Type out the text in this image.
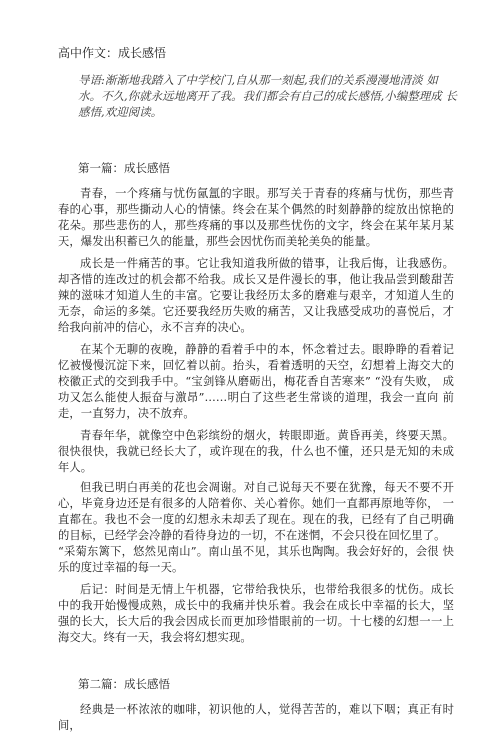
高中作文：成长感悟
导语:渐渐地我踏入了中学校门,自从那一刻起,我们的关系漫漫地清淡 如水。不久,你就永远地离开了我。我们都会有自己的成长感悟,小编整理成 长感悟,欢迎阅读。
第一篇：成长感悟
青春，一个疼痛与忧伤氤氲的字眼。那写关于青春的疼痛与忧伤，那些青 春的心事，那些撕动人心的情愫。终会在某个偶然的时刻静静的绽放出惊艳的 花朵。那些悲伤的人，那些疼痛的事以及那些忧伤的文字，终会在某年某月某 天，爆发出积蓄已久的能量，那些会因忧伤而美轮美奂的能量。
成长是一件痛苦的事。它让我知道我所做的错事，让我后悔，让我感伤。 却吝惜的连改过的机会都不给我。成长又是件漫长的事，他让我品尝到酸甜苦 辣的滋味才知道人生的丰富。它要让我经历太多的磨难与艰辛，才知道人生的 无奈，命运的多桀。它还要我经历失败的痛苦，又让我感受成功的喜悦后，才 给我向前冲的信心，永不言弃的决心。
在某个无聊的夜晚，静静的看着手中的本，怀念着过去。眼睁睁的看着记 忆被慢慢沉淀下来，回忆着以前。抬头，看着透明的天空，幻想着上海交大的 校徽正式的交到我手中。“宝剑锋从磨砺出，梅花香自苦寒来” “没有失败， 成功又怎么能使人振奋与激昂”……明白了这些老生常谈的道理，我会一直向 前走，一直努力，决不放弃。
青春年华，就像空中色彩缤纷的烟火，转眼即逝。黄昏再美，终要天黑。 很快很快，我就已经长大了，或许现在的我，什么也不懂，还只是无知的未成 年人。
但我已明白再美的花也会凋谢。对自己说每天不要在犹豫，每天不要不开 心，毕竟身边还是有很多的人陪着你、关心着你。她们一直都再原地等你， 一直都在。我也不会一度的幻想永未却丢了现在。现在的我，已经有了自己明确 的目标，已经学会冷静的看待身边的一切，不在迷惘，不会只役在回忆里了。
“采菊东篱下，悠然见南山”。南山虽不见，其乐也陶陶。我会好好的，会很 快乐的度过幸福的每一天。
后记：时间是无情上午机器，它带给我快乐，也带给我很多的忧伤。成长 中的我开始慢慢成熟，成长中的我痛并快乐着。我会在成长中幸福的长大，坚 强的长大，长大后的我会因成长而更加珍惜眼前的一切。十七楼的幻想一一上 海交大。终有一天，我会将幻想实现。
第二篇：成长感悟
经典是一杯浓浓的咖啡，初识他的人，觉得苦苦的，难以下咽；真正有时 间，
